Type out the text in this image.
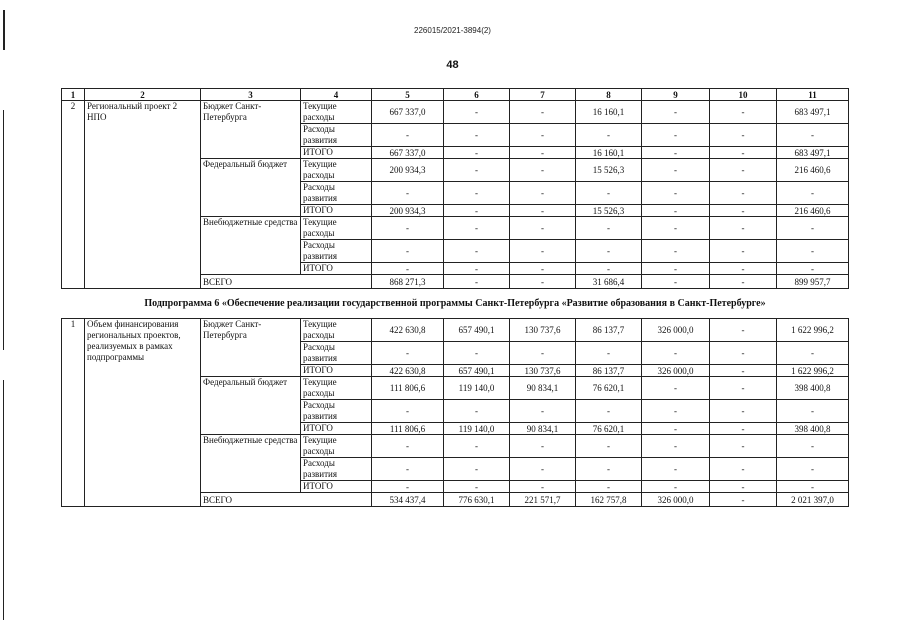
226015/2021-3894(2)
48
1	2	3	4	5	6	7	8	9	10	11
2	Региональный проект 2 НПО	Бюджет Санкт-Петербурга	Текущие расходы	667 337,0	-	-	16 160,1	-	-	683 497,1
			Расходы развития	-	-	-	-	-	-	-
			ИТОГО	667 337,0	-	-	16 160,1	-	-	683 497,1
		Федеральный бюджет	Текущие расходы	200 934,3	-	-	15 526,3	-	-	216 460,6
			Расходы развития	-	-	-	-	-	-	-
			ИТОГО	200 934,3	-	-	15 526,3	-	-	216 460,6
		Внебюджетные средства	Текущие расходы	-	-	-	-	-	-	-
			Расходы развития	-	-	-	-	-	-	-
			ИТОГО	-	-	-	-	-	-	-
		ВСЕГО		868 271,3	-	-	31 686,4	-	-	899 957,7
Подпрограмма 6 «Обеспечение реализации государственной программы Санкт-Петербурга «Развитие образования в Санкт-Петербурге»										
1	Объем финансирования региональных проектов, реализуемых в рамках подпрограммы	Бюджет Санкт-Петербурга	Текущие расходы	422 630,8	657 490,1	130 737,6	86 137,7	326 000,0	-	1 622 996,2
			Расходы развития	-	-	-	-	-	-	-
			ИТОГО	422 630,8	657 490,1	130 737,6	86 137,7	326 000,0	-	1 622 996,2
		Федеральный бюджет	Текущие расходы	111 806,6	119 140,0	90 834,1	76 620,1	-	-	398 400,8
			Расходы развития	-	-	-	-	-	-	-
			ИТОГО	111 806,6	119 140,0	90 834,1	76 620,1	-	-	398 400,8
		Внебюджетные средства	Текущие расходы	-	-	-	-	-	-	-
			Расходы развития	-	-	-	-	-	-	-
			ИТОГО	-	-	-	-	-	-	-
		ВСЕГО		534 437,4	776 630,1	221 571,7	162 757,8	326 000,0	-	2 021 397,0
